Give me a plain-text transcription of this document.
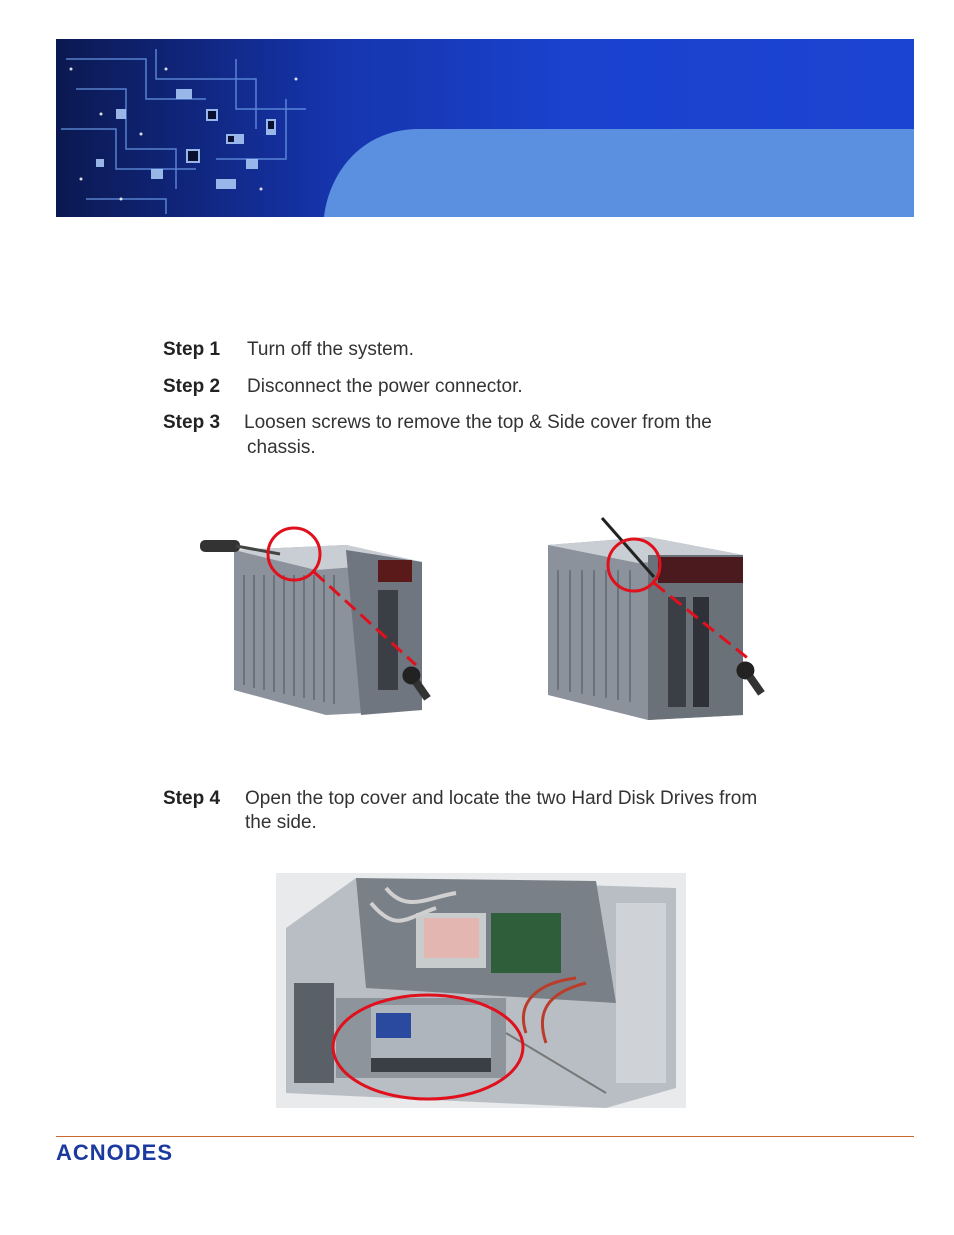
Step 1 Turn off the system.
Step 2 Disconnect the power connector.
Step 3 Loosen screws to remove the top & Side cover from the
chassis.
Step 4 Open the top cover and locate the two Hard Disk Drives from
the side.
ACNODES
